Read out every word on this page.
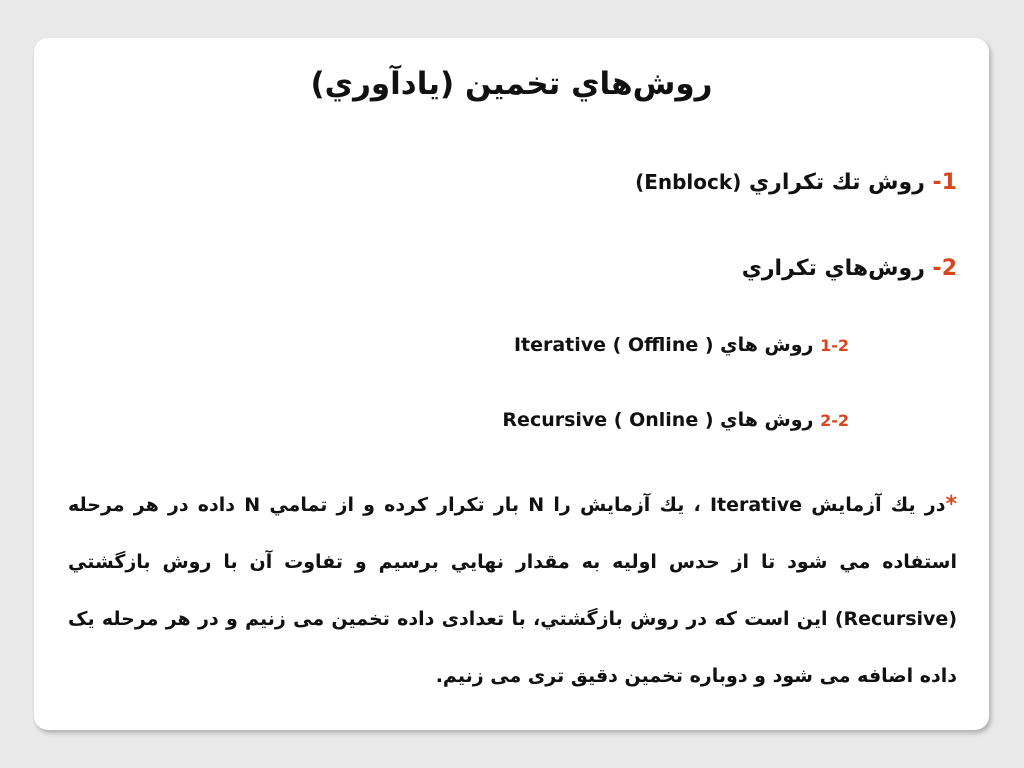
روش‌هاي تخمين (يادآوري)
1- روش تك تكراري (Enblock)
2- روش‌هاي تكراري
1-2 روش هاي Iterative ( Offline )
2-2 روش هاي Recursive ( Online )
*در يك آزمايش Iterative ، يك آزمايش را N بار تكرار كرده و از تمامي N داده در هر مرحله استفاده مي شود تا از حدس اوليه به مقدار نهايي برسيم و تفاوت آن با روش بازگشتي (Recursive) اين است كه در روش بازگشتي، با تعدادی داده تخمين می زنيم و در هر مرحله يک داده اضافه می شود و دوباره تخمين دقيق تری می زنيم.
